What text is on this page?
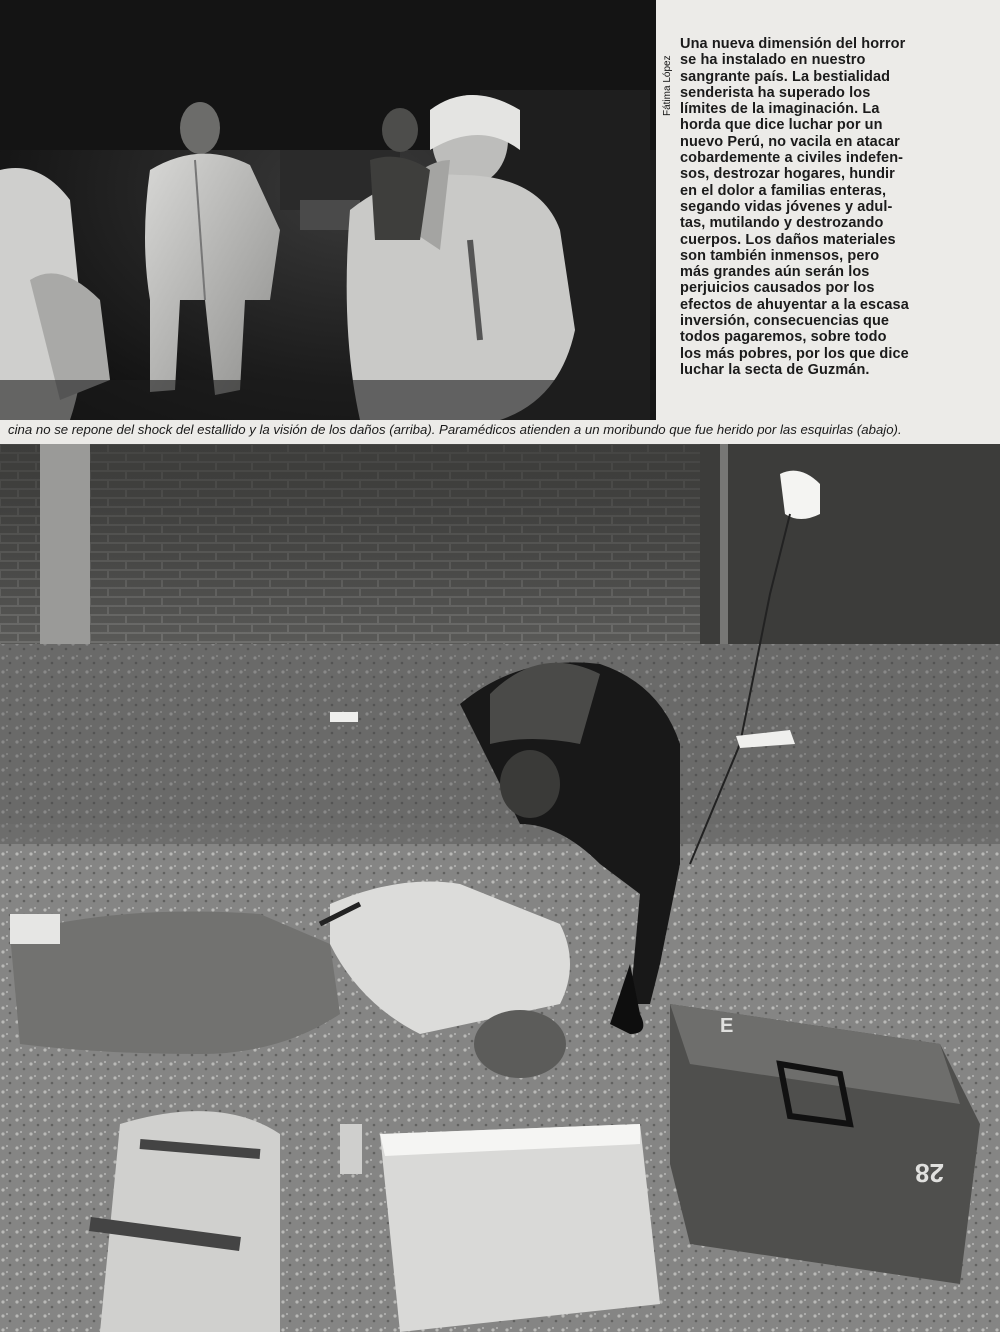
Fátima López
Una nueva dimensión del horror
se ha instalado en nuestro
sangrante país. La bestialidad
senderista ha superado los
límites de la imaginación. La
horda que dice luchar por un
nuevo Perú, no vacila en atacar
cobardemente a civiles indefen-
sos, destrozar hogares, hundir
en el dolor a familias enteras,
segando vidas jóvenes y adul-
tas, mutilando y destrozando
cuerpos. Los daños materiales
son también inmensos, pero
más grandes aún serán los
perjuicios causados por los
efectos de ahuyentar a la escasa
inversión, consecuencias que
todos pagaremos, sobre todo
los más pobres, por los que dice
luchar la secta de Guzmán.
cina no se repone del shock del estallido y la visión de los daños (arriba). Paramédicos atienden a un moribundo que fue herido por las esquirlas (abajo).
E
28
